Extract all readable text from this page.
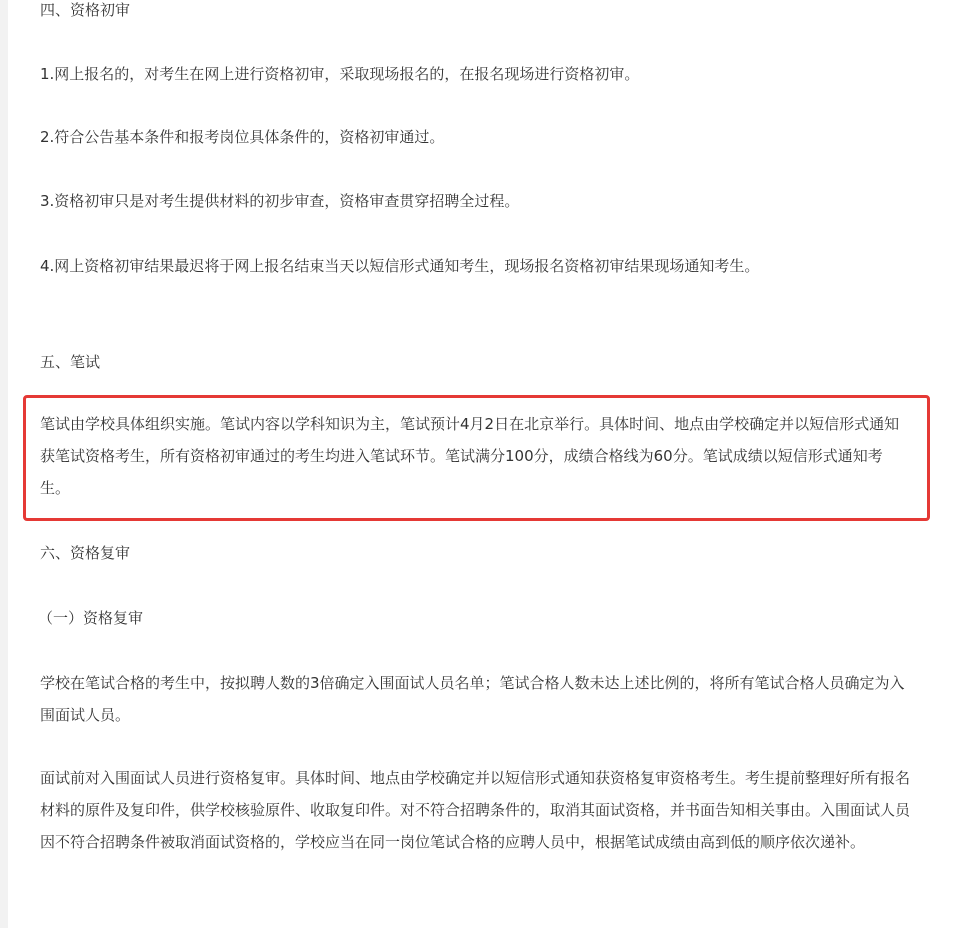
四、资格初审
1.网上报名的，对考生在网上进行资格初审，采取现场报名的，在报名现场进行资格初审。
2.符合公告基本条件和报考岗位具体条件的，资格初审通过。
3.资格初审只是对考生提供材料的初步审查，资格审查贯穿招聘全过程。
4.网上资格初审结果最迟将于网上报名结束当天以短信形式通知考生，现场报名资格初审结果现场通知考生。
五、笔试
笔试由学校具体组织实施。笔试内容以学科知识为主，笔试预计4月2日在北京举行。具体时间、地点由学校确定并以短信形式通知获笔试资格考生，所有资格初审通过的考生均进入笔试环节。笔试满分100分，成绩合格线为60分。笔试成绩以短信形式通知考生。
六、资格复审
（一）资格复审
学校在笔试合格的考生中，按拟聘人数的3倍确定入围面试人员名单；笔试合格人数未达上述比例的，将所有笔试合格人员确定为入围面试人员。
面试前对入围面试人员进行资格复审。具体时间、地点由学校确定并以短信形式通知获资格复审资格考生。考生提前整理好所有报名材料的原件及复印件，供学校核验原件、收取复印件。对不符合招聘条件的，取消其面试资格，并书面告知相关事由。入围面试人员因不符合招聘条件被取消面试资格的，学校应当在同一岗位笔试合格的应聘人员中，根据笔试成绩由高到低的顺序依次递补。
